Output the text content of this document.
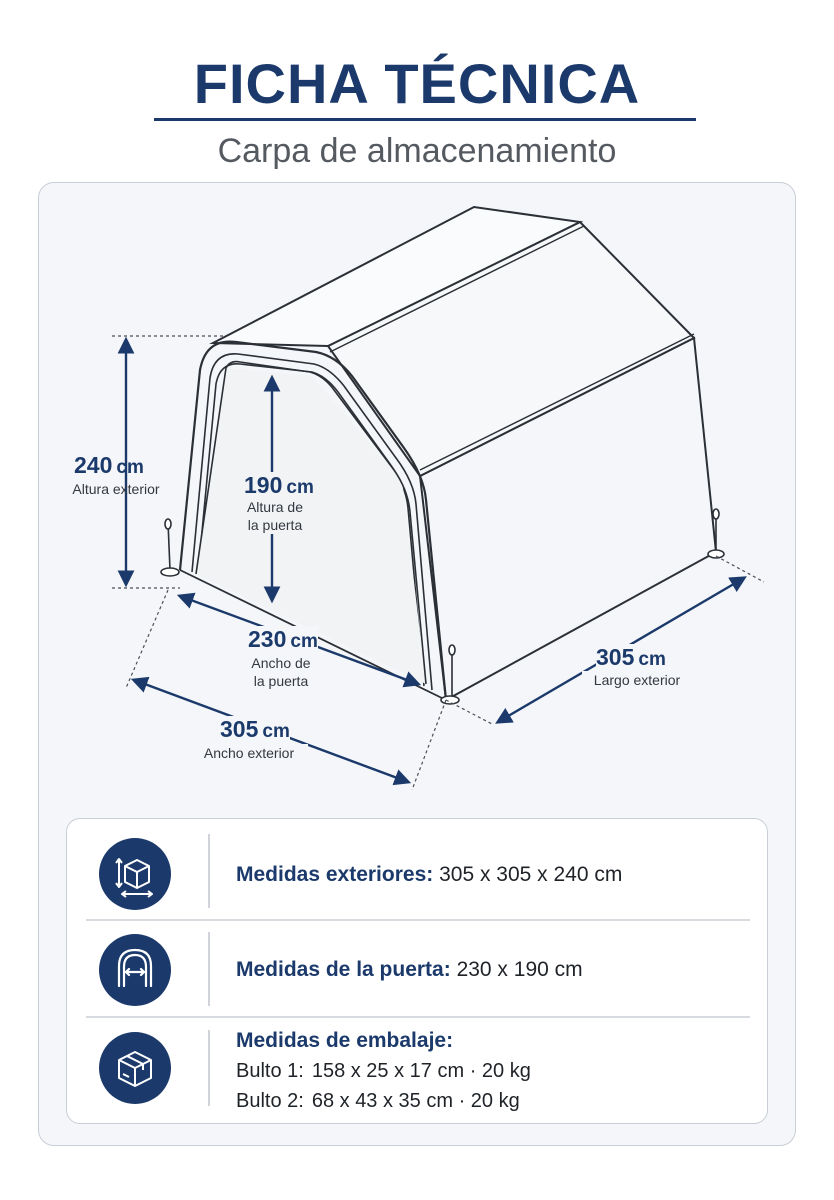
FICHA TÉCNICA
Carpa de almacenamiento
240 cm
Altura exterior	190 cm
Altura de
la puerta
230 cm
Ancho de
la puerta
305 cm
Ancho exterior
305 cm
Largo exterior
Medidas exteriores: 305 x 305 x 240 cm
Medidas de la puerta: 230 x 190 cm
Medidas de embalaje:
Bulto 1: 158 x 25 x 17 cm · 20 kg
Bulto 2: 68 x 43 x 35 cm · 20 kg
